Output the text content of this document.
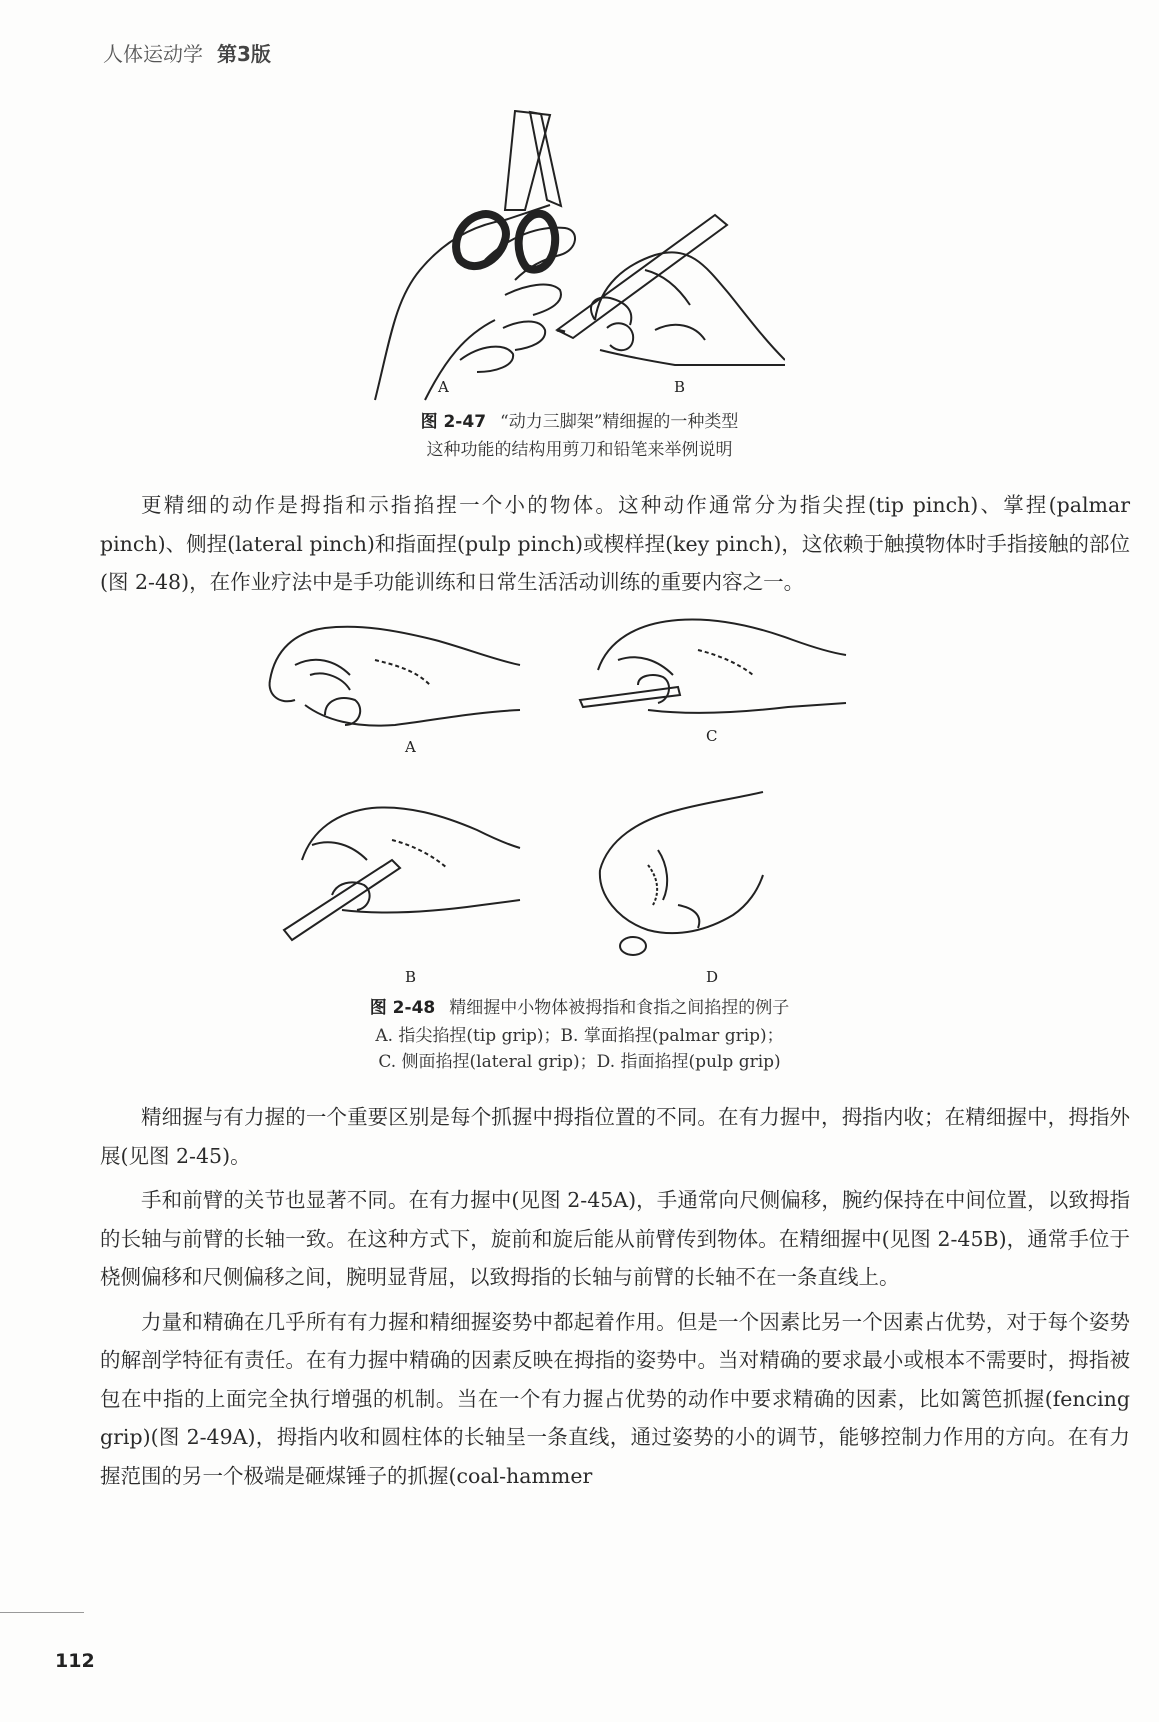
人体运动学 第3版
A	B
图 2-47 “动力三脚架”精细握的一种类型
这种功能的结构用剪刀和铅笔来举例说明

更精细的动作是拇指和示指掐捏一个小的物体。这种动作通常分为指尖捏(tip pinch)、掌捏(palmar pinch)、侧捏(lateral pinch)和指面捏(pulp pinch)或楔样捏(key pinch)，这依赖于触摸物体时手指接触的部位(图 2-48)，在作业疗法中是手功能训练和日常生活活动训练的重要内容之一。

A
C
B	D
图 2-48 精细握中小物体被拇指和食指之间掐捏的例子
A. 指尖掐捏(tip grip)；B. 掌面掐捏(palmar grip)；
C. 侧面掐捏(lateral grip)；D. 指面掐捏(pulp grip)

精细握与有力握的一个重要区别是每个抓握中拇指位置的不同。在有力握中，拇指内收；在精细握中，拇指外展(见图 2-45)。

手和前臂的关节也显著不同。在有力握中(见图 2-45A)，手通常向尺侧偏移，腕约保持在中间位置，以致拇指的长轴与前臂的长轴一致。在这种方式下，旋前和旋后能从前臂传到物体。在精细握中(见图 2-45B)，通常手位于桡侧偏移和尺侧偏移之间，腕明显背屈，以致拇指的长轴与前臂的长轴不在一条直线上。

力量和精确在几乎所有有力握和精细握姿势中都起着作用。但是一个因素比另一个因素占优势，对于每个姿势的解剖学特征有责任。在有力握中精确的因素反映在拇指的姿势中。当对精确的要求最小或根本不需要时，拇指被包在中指的上面完全执行增强的机制。当在一个有力握占优势的动作中要求精确的因素，比如篱笆抓握(fencing grip)(图 2-49A)，拇指内收和圆柱体的长轴呈一条直线，通过姿势的小的调节，能够控制力作用的方向。在有力握范围的另一个极端是砸煤锤子的抓握(coal-hammer

112
